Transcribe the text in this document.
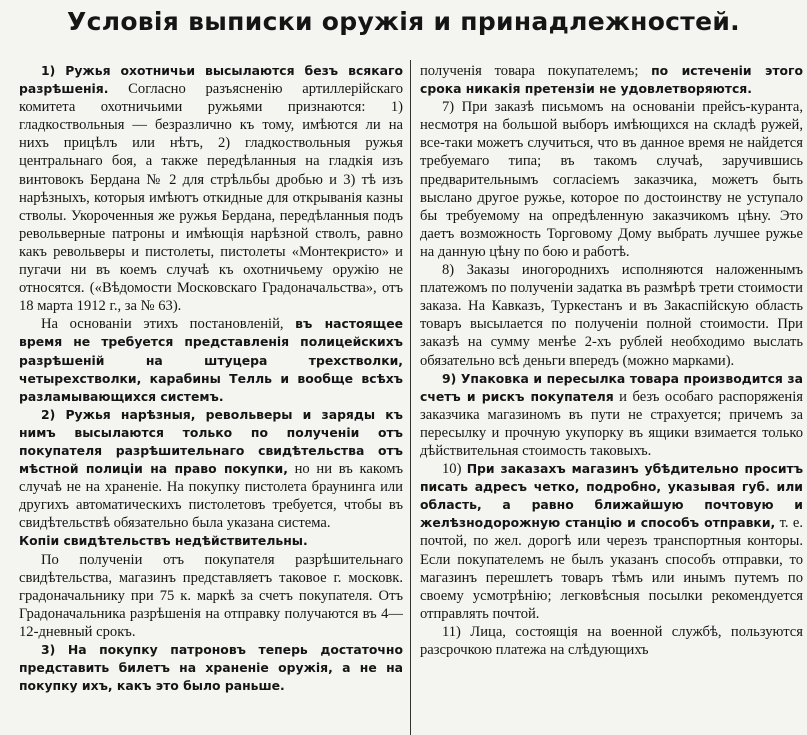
Условія выписки оружія и принадлежностей.

1) Ружья охотничьи высылаются безъ всякаго разрѣшенія. Согласно разъясненію артиллерійскаго комитета охотничьими ружьями признаются: 1) гладкоствольныя — безразлично къ тому, имѣются ли на нихъ прицѣлъ или нѣтъ, 2) гладкоствольныя ружья центральнаго боя, а также передѣланныя на гладкія изъ винтовокъ Бердана № 2 для стрѣльбы дробью и 3) тѣ изъ нарѣзныхъ, которыя имѣютъ откидные для открыванія казны стволы. Укороченныя же ружья Бердана, передѣланныя подъ револьверные патроны и имѣющія нарѣзной стволъ, равно какъ револьверы и пистолеты, пистолеты «Монтекристо» и пугачи ни въ коемъ случаѣ къ охотничьему оружію не относятся. («Вѣдомости Московскаго Градоначальства», отъ 18 марта 1912 г., за № 63).

На основаніи этихъ постановленій, въ настоящее время не требуется представленія полицейскихъ разрѣшеній на штуцера трехстволки, четырехстволки, карабины Телль и вообще всѣхъ разламывающихся системъ.

2) Ружья нарѣзныя, револьверы и заряды къ нимъ высылаются только по полученіи отъ покупателя разрѣшительнаго свидѣтельства отъ мѣстной полиціи на право покупки, но ни въ какомъ случаѣ не на храненіе. На покупку пистолета браунинга или другихъ автоматическихъ пистолетовъ требуется, чтобы въ свидѣтельствѣ обязательно была указана система.

Копіи свидѣтельствъ недѣйствительны.

По полученіи отъ покупателя разрѣшительнаго свидѣтельства, магазинъ представляетъ таковое г. московк. градоначальнику при 75 к. маркѣ за счетъ покупателя. Отъ Градоначальника разрѣшенія на отправку получаются въ 4—12-дневный срокъ.

3) На покупку патроновъ теперь достаточно представить билетъ на храненіе оружія, а не на покупку ихъ, какъ это было раньше.

полученія товара покупателемъ; по истеченіи этого срока никакія претензіи не удовлетворяются.

7) При заказѣ письмомъ на основаніи прейсъ-куранта, несмотря на большой выборъ имѣющихся на складѣ ружей, все-таки можетъ случиться, что въ данное время не найдется требуемаго типа; въ такомъ случаѣ, заручившись предварительнымъ согласіемъ заказчика, можетъ быть выслано другое ружье, которое по достоинству не уступало бы требуемому на опредѣленную заказчикомъ цѣну. Это даетъ возможность Торговому Дому выбрать лучшее ружье на данную цѣну по бою и работѣ.

8) Заказы иногороднихъ исполняются наложеннымъ платежомъ по полученіи задатка въ размѣрѣ трети стоимости заказа. На Кавказъ, Туркестанъ и въ Закаспійскую область товаръ высылается по полученіи полной стоимости. При заказѣ на сумму менѣе 2-хъ рублей необходимо выслать обязательно всѣ деньги впередъ (можно марками).

9) Упаковка и пересылка товара производится за счетъ и рискъ покупателя и безъ особаго распоряженія заказчика магазиномъ въ пути не страхуется; причемъ за пересылку и прочную укупорку въ ящики взимается только дѣйствительная стоимость таковыхъ.

10) При заказахъ магазинъ убѣдительно проситъ писать адресъ четко, подробно, указывая губ. или область, а равно ближайшую почтовую и желѣзнодорожную станцію и способъ отправки, т. е. почтой, по жел. дорогѣ или черезъ транспортныя конторы. Если покупателемъ не былъ указанъ способъ отправки, то магазинъ перешлетъ товаръ тѣмъ или инымъ путемъ по своему усмотрѣнію; легковѣсныя посылки рекомендуется отправлять почтой.

11) Лица, состоящія на военной службѣ, пользуются разсрочкою платежа на слѣдующихъ
